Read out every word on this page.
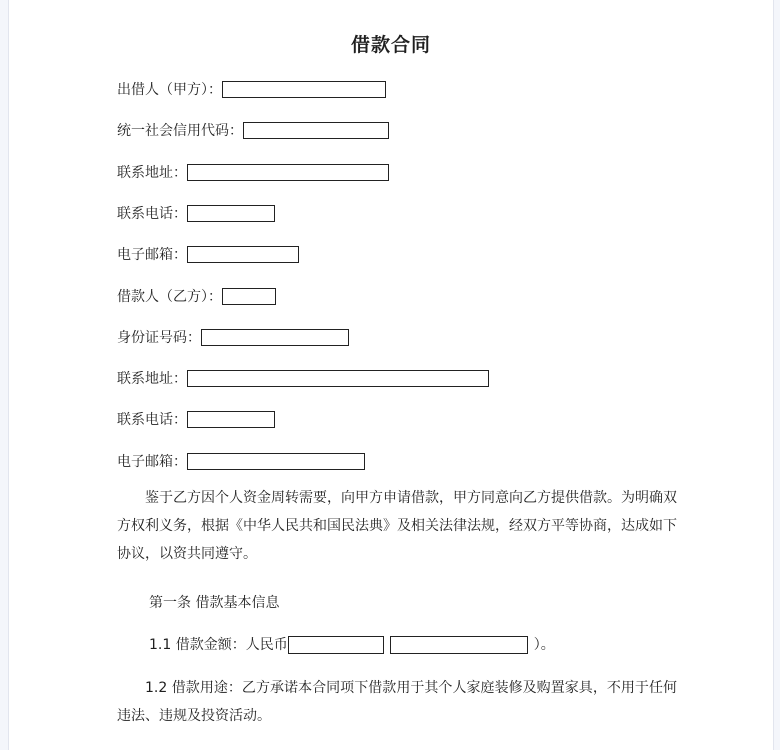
借款合同
出借人（甲方）：
统一社会信用代码：
联系地址：
联系电话：
电子邮箱：
借款人（乙方）：
身份证号码：
联系地址：
联系电话：
电子邮箱：
鉴于乙方因个人资金周转需要，向甲方申请借款，甲方同意向乙方提供借款。为明确双方权利义务，根据《中华人民共和国民法典》及相关法律法规，经双方平等协商，达成如下协议，以资共同遵守。
第一条 借款基本信息
1.1 借款金额：人民币	）。
1.2 借款用途：乙方承诺本合同项下借款用于其个人家庭装修及购置家具，不用于任何违法、违规及投资活动。
